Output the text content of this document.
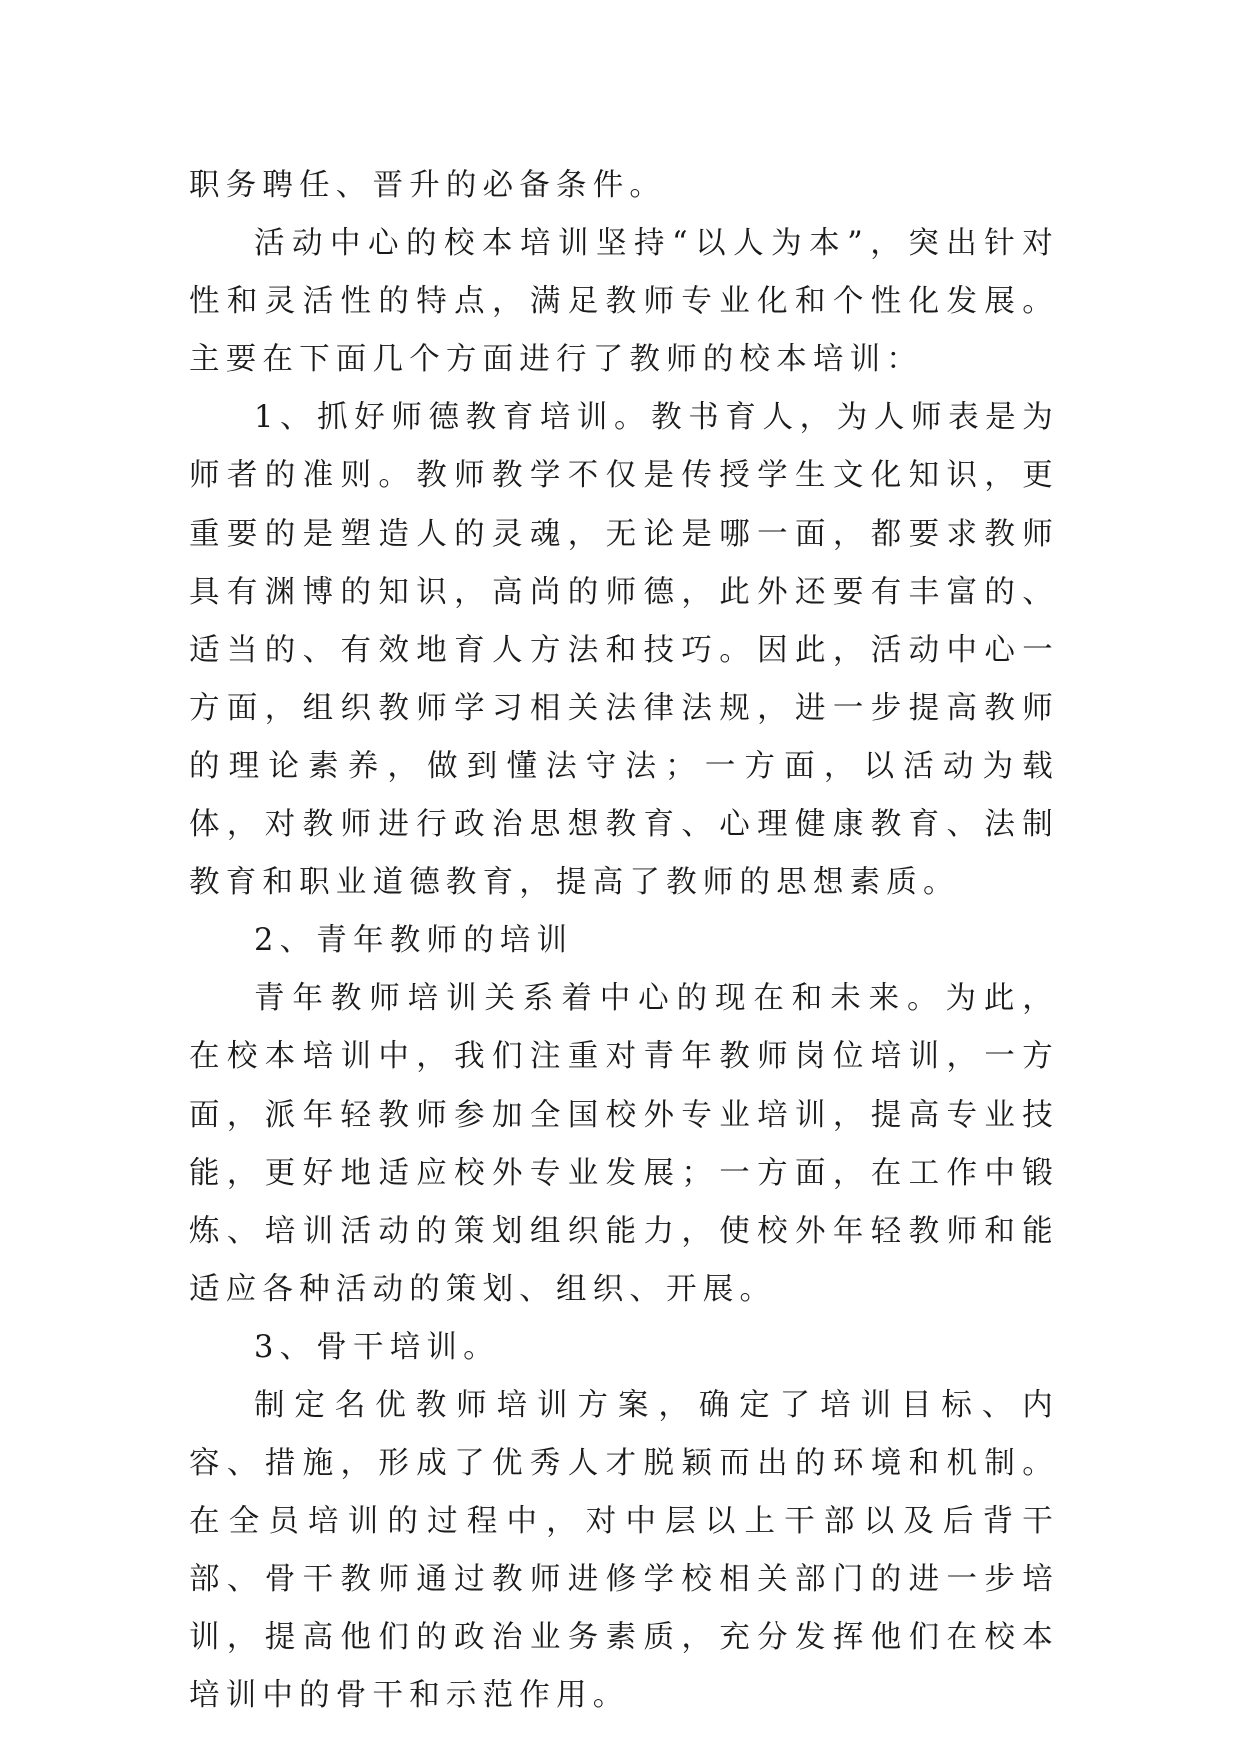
职务聘任、晋升的必备条件。

活动中心的校本培训坚持“以人为本”，突出针对性和灵活性的特点，满足教师专业化和个性化发展。主要在下面几个方面进行了教师的校本培训：

1、抓好师德教育培训。教书育人，为人师表是为师者的准则。教师教学不仅是传授学生文化知识，更重要的是塑造人的灵魂，无论是哪一面，都要求教师具有渊博的知识，高尚的师德，此外还要有丰富的、适当的、有效地育人方法和技巧。因此，活动中心一方面，组织教师学习相关法律法规，进一步提高教师的理论素养，做到懂法守法；一方面，以活动为载体，对教师进行政治思想教育、心理健康教育、法制教育和职业道德教育，提高了教师的思想素质。

2、青年教师的培训

青年教师培训关系着中心的现在和未来。为此，在校本培训中，我们注重对青年教师岗位培训，一方面，派年轻教师参加全国校外专业培训，提高专业技能，更好地适应校外专业发展；一方面，在工作中锻炼、培训活动的策划组织能力，使校外年轻教师和能适应各种活动的策划、组织、开展。

3、骨干培训。

制定名优教师培训方案，确定了培训目标、内容、措施，形成了优秀人才脱颖而出的环境和机制。在全员培训的过程中，对中层以上干部以及后背干部、骨干教师通过教师进修学校相关部门的进一步培训，提高他们的政治业务素质，充分发挥他们在校本培训中的骨干和示范作用。
